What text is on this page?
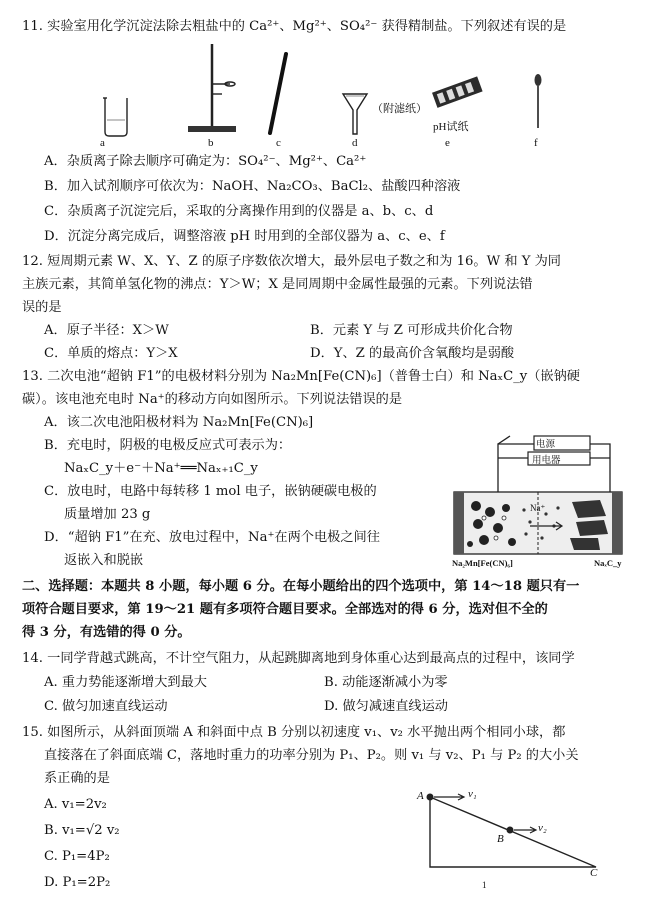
11. 实验室用化学沉淀法除去粗盐中的 Ca²⁺、Mg²⁺、SO₄²⁻ 获得精制盐。下列叙述有误的是
a	b	c	d	e	f
（附滤纸）
pH试纸
A．杂质离子除去顺序可确定为：SO₄²⁻、Mg²⁺、Ca²⁺
B．加入试剂顺序可依次为：NaOH、Na₂CO₃、BaCl₂、盐酸四种溶液
C．杂质离子沉淀完后，采取的分离操作用到的仪器是 a、b、c、d
D．沉淀分离完成后，调整溶液 pH 时用到的全部仪器为 a、c、e、f
12. 短周期元素 W、X、Y、Z 的原子序数依次增大，最外层电子数之和为 16。W 和 Y 为同
主族元素，其简单氢化物的沸点：Y＞W；X 是同周期中金属性最强的元素。下列说法错
误的是
A．原子半径：X＞W	B．元素 Y 与 Z 可形成共价化合物
C．单质的熔点：Y＞X	D．Y、Z 的最高价含氧酸均是弱酸
13. 二次电池“超钠 F1”的电极材料分别为 Na₂Mn[Fe(CN)₆]（普鲁士白）和 NaₓC_y（嵌钠硬
碳）。该电池充电时 Na⁺的移动方向如图所示。下列说法错误的是
A．该二次电池阳极材料为 Na₂Mn[Fe(CN)₆]
B．充电时，阴极的电极反应式可表示为：
NaₓC_y＋e⁻＋Na⁺══Naₓ₊₁C_y
C．放电时，电路中每转移 1 mol 电子，嵌钠硬碳电极的
质量增加 23 g
D．“超钠 F1”在充、放电过程中，Na⁺在两个电极之间往
返嵌入和脱嵌
电源
用电器
Na⁺
Na₂Mn[Fe(CN)₆]	NaₓC_y
二、选择题：本题共 8 小题，每小题 6 分。在每小题给出的四个选项中，第 14～18 题只有一
项符合题目要求，第 19～21 题有多项符合题目要求。全部选对的得 6 分，选对但不全的
得 3 分，有选错的得 0 分。
14. 一同学背越式跳高，不计空气阻力，从起跳脚离地到身体重心达到最高点的过程中，该同学
A. 重力势能逐渐增大到最大	B. 动能逐渐减小为零
C. 做匀加速直线运动	D. 做匀减速直线运动
15. 如图所示，从斜面顶端 A 和斜面中点 B 分别以初速度 v₁、v₂ 水平抛出两个相同小球，都
直接落在了斜面底端 C，落地时重力的功率分别为 P₁、P₂。则 v₁ 与 v₂、P₁ 与 P₂ 的大小关
系正确的是
A. v₁=2v₂
B. v₁=√2 v₂
C. P₁=4P₂
D. P₁=2P₂
A
B
C
v₁
v₂
1
